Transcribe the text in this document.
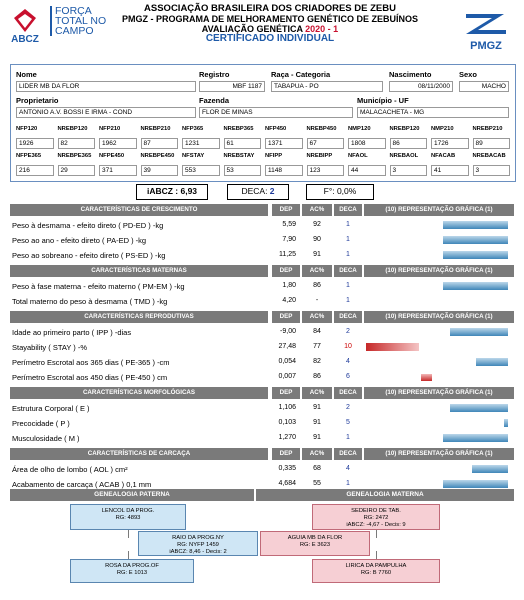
ABCZ
FORÇA
TOTAL NO
CAMPO
ASSOCIAÇÃO BRASILEIRA DOS CRIADORES DE ZEBU
PMGZ - PROGRAMA DE MELHORAMENTO GENÉTICO DE ZEBUÍNOS
AVALIAÇÃO GENÉTICA 2020 - 1
CERTIFICADO INDIVIDUAL
PMGZ
Nome
LIDER MB DA FLOR
Registro
MBF 1187
Raça - Categoria
TABAPUA - PO
Nascimento
08/11/2000
Sexo
MACHO
Proprietario
ANTONIO A.V. BOSSI E IRMA - COND
Fazenda
FLOR DE MINAS
Município - UF
MALACACHETA - MG
NFP120
1926
NREBP120
82
NFP210
1962
NREBP210
87
NFP365
1231
NREBP365
61
NFP450
1371
NREBP450
67
NMP120
1808
NREBP120
86
NMP210
1726
NREBP210
89
NFPE365
216
NREBPE365
29
NFPE450
371
NREBPE450
39
NFSTAY
553
NREBSTAY
53
NFIPP
1148
NREBIPP
123
NFAOL
44
NREBAOL
3
NFACAB
41
NREBACAB
3
iABCZ : 6,93	DECA: 2	F°: 0,0%
CARACTERÍSTICAS DE CRESCIMENTO	DEP	AC%	DECA	(10) REPRESENTAÇÃO GRÁFICA (1)
Peso à desmama - efeito direto ( PD-ED ) -kg	5,59	92	1
Peso ao ano - efeito direto ( PA-ED ) -kg	7,90	90	1
Peso ao sobreano - efeito direto ( PS-ED ) -kg	11,25	91	1
CARACTERÍSTICAS MATERNAS	DEP	AC%	DECA	(10) REPRESENTAÇÃO GRÁFICA (1)
Peso à fase materna - efeito materno ( PM-EM ) -kg	1,80	86	1
Total materno do peso à desmama ( TMD ) -kg	4,20	-	1
CARACTERÍSTICAS REPRODUTIVAS	DEP	AC%	DECA	(10) REPRESENTAÇÃO GRÁFICA (1)
Idade ao primeiro parto ( IPP ) -dias	-9,00	84	2
Stayability ( STAY ) -%	27,48	77	10
Perímetro Escrotal aos 365 dias ( PE-365 ) -cm	0,054	82	4
Perímetro Escrotal aos 450 dias ( PE-450 ) cm	0,007	86	6
CARACTERÍSTICAS MORFOLÓGICAS	DEP	AC%	DECA	(10) REPRESENTAÇÃO GRÁFICA (1)
Estrutura Corporal ( E )	1,106	91	2
Precocidade ( P )	0,103	91	5
Musculosidade ( M )	1,270	91	1
CARACTERÍSTICAS DE CARCAÇA	DEP	AC%	DECA	(10) REPRESENTAÇÃO GRÁFICA (1)
Área de olho de lombo ( AOL ) cm²	0,335	68	4
Acabamento de carcaça ( ACAB ) 0,1 mm	4,684	55	1
GENEALOGIA PATERNA	GENEALOGIA MATERNA
LENCOL DA PROG.
RG: 4893
RAIO DA PROG.NY
RG: NYFP 1459
iABCZ: 8,46 - Decis: 2
ROSA DA PROG.OF
RG: E 1013
SEDEIRO DE TAB.
RG: 2472
iABCZ: -4,67 - Decis: 9
AGUIA MB DA FLOR
RG: E 3623
LIRICA DA PAMPULHA
RG: B 7760
